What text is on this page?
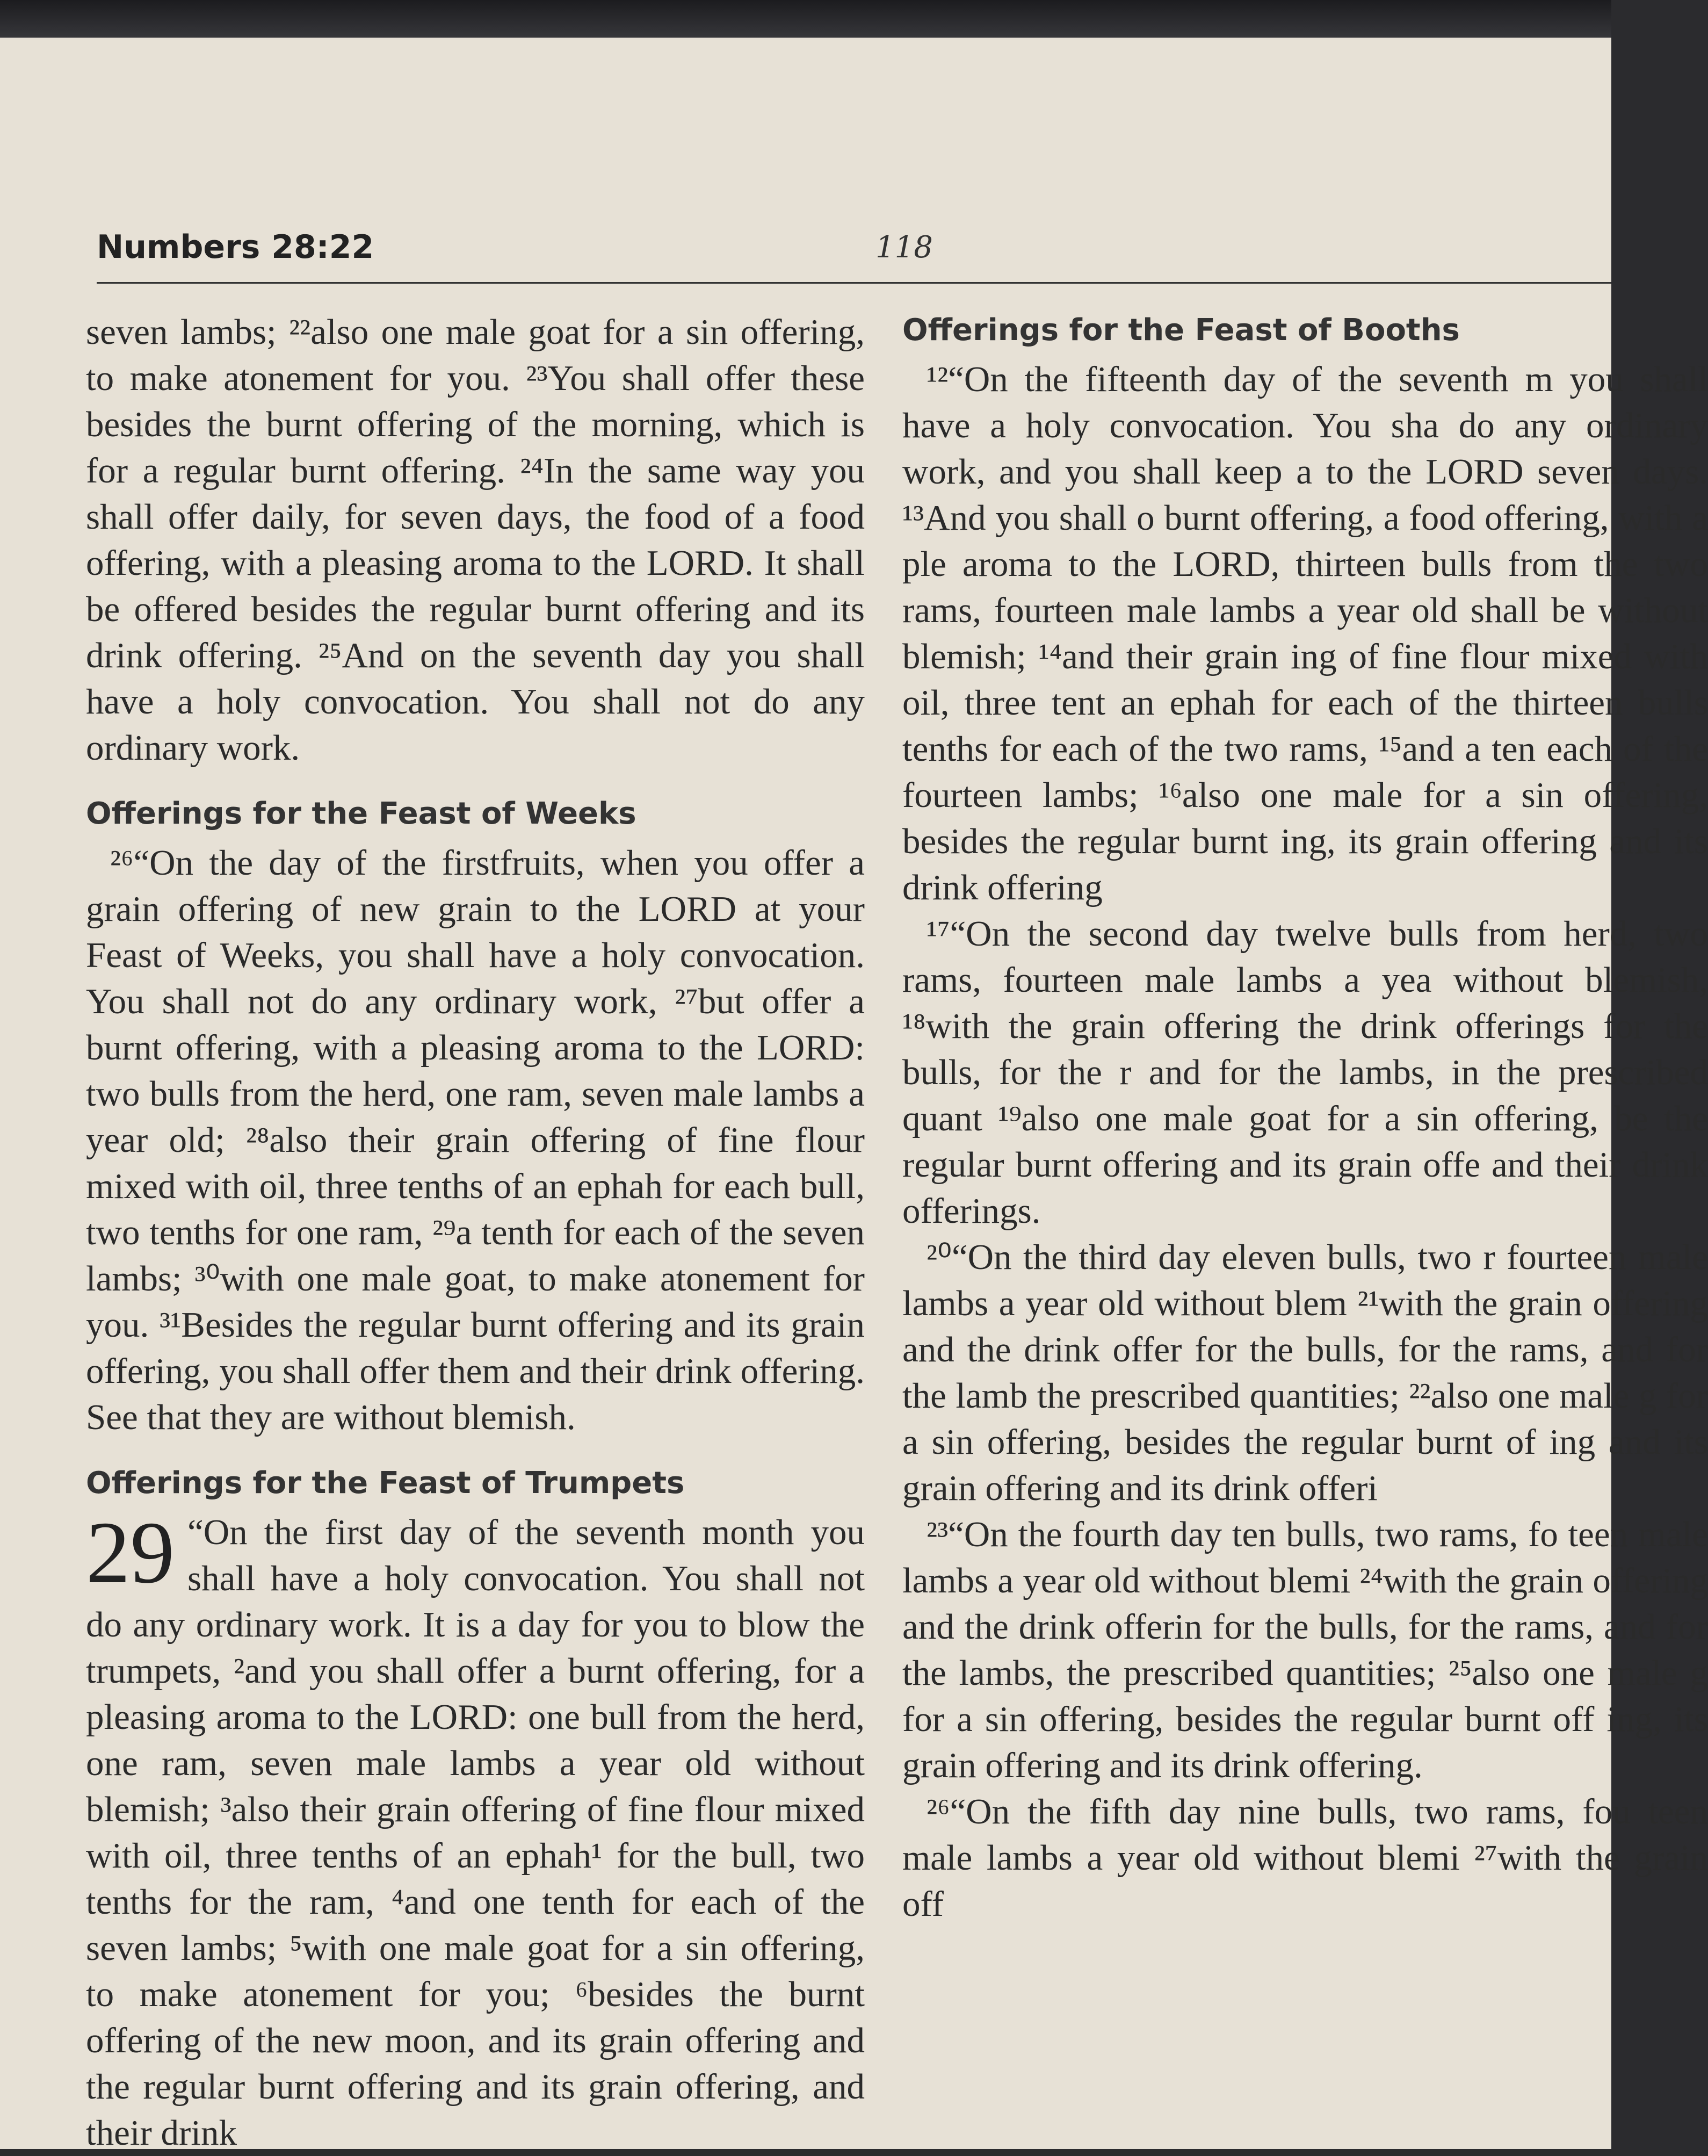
Numbers 28:22	118

seven lambs; ²²also one male goat for a sin offering, to make atonement for you. ²³You shall offer these besides the burnt offering of the morning, which is for a regular burnt offering. ²⁴In the same way you shall offer daily, for seven days, the food of a food offering, with a pleasing aroma to the LORD. It shall be offered besides the regular burnt offering and its drink offering. ²⁵And on the seventh day you shall have a holy convocation. You shall not do any ordinary work.

Offerings for the Feast of Weeks

²⁶“On the day of the firstfruits, when you offer a grain offering of new grain to the LORD at your Feast of Weeks, you shall have a holy convocation. You shall not do any ordinary work, ²⁷but offer a burnt offering, with a pleasing aroma to the LORD: two bulls from the herd, one ram, seven male lambs a year old; ²⁸also their grain offering of fine flour mixed with oil, three tenths of an ephah for each bull, two tenths for one ram, ²⁹a tenth for each of the seven lambs; ³⁰with one male goat, to make atonement for you. ³¹Besides the regular burnt offering and its grain offering, you shall offer them and their drink offering. See that they are without blemish.

Offerings for the Feast of Trumpets
29 “On the first day of the seventh month you shall have a holy convocation. You shall not do any ordinary work. It is a day for you to blow the trumpets, ²and you shall offer a burnt offering, for a pleasing aroma to the LORD: one bull from the herd, one ram, seven male lambs a year old without blemish; ³also their grain offering of fine flour mixed with oil, three tenths of an ephah¹ for the bull, two tenths for the ram, ⁴and one tenth for each of the seven lambs; ⁵with one male goat for a sin offering, to make atonement for you; ⁶besides the burnt offering of the new moon, and its grain offering and the regular burnt offering and its grain offering, and their drink
Offerings for the Feast of Booths

¹²“On the fifteenth day of the seventh m you shall have a holy convocation. You sha do any ordinary work, and you shall keep a to the LORD seven days. ¹³And you shall o burnt offering, a food offering, with a ple aroma to the LORD, thirteen bulls from the two rams, fourteen male lambs a year old shall be without blemish; ¹⁴and their grain ing of fine flour mixed with oil, three tent an ephah for each of the thirteen bulls tenths for each of the two rams, ¹⁵and a ten each of the fourteen lambs; ¹⁶also one male for a sin offering, besides the regular burnt ing, its grain offering and its drink offering

¹⁷“On the second day twelve bulls from herd, two rams, fourteen male lambs a yea without blemish, ¹⁸with the grain offering the drink offerings for the bulls, for the r and for the lambs, in the prescribed quant ¹⁹also one male goat for a sin offering, be the regular burnt offering and its grain offe and their drink offerings.

²⁰“On the third day eleven bulls, two r fourteen male lambs a year old without blem ²¹with the grain offering and the drink offer for the bulls, for the rams, and for the lamb the prescribed quantities; ²²also one male g for a sin offering, besides the regular burnt of ing and its grain offering and its drink offeri

²³“On the fourth day ten bulls, two rams, fo teen male lambs a year old without blemi ²⁴with the grain offering and the drink offerin for the bulls, for the rams, and for the lambs, the prescribed quantities; ²⁵also one male g for a sin offering, besides the regular burnt off ing, its grain offering and its drink offering.

²⁶“On the fifth day nine bulls, two rams, fou teen male lambs a year old without blemi ²⁷with the grain off
